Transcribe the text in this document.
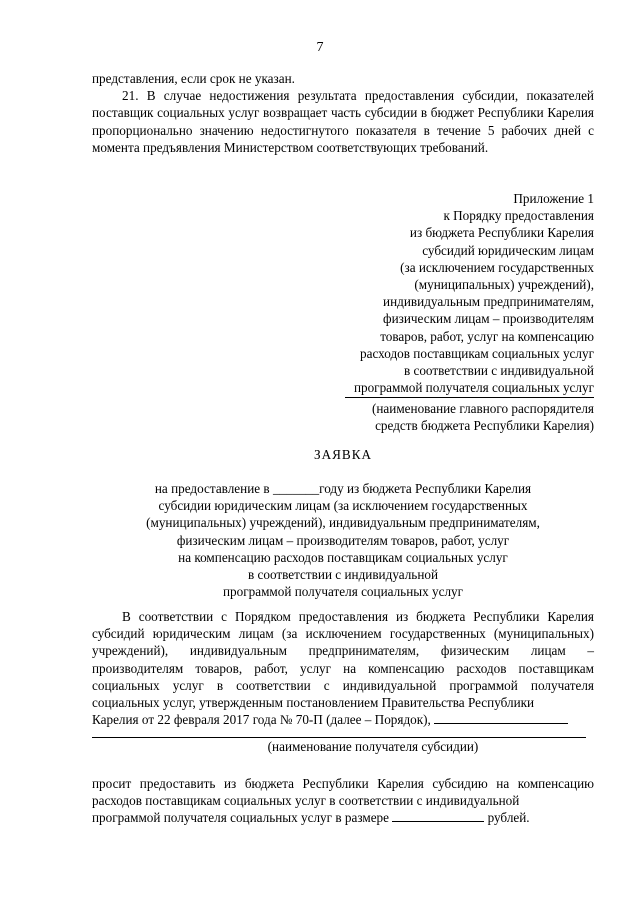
7

представления, если срок не указан.

21. В случае недостижения результата предоставления субсидии, показателей поставщик социальных услуг возвращает часть субсидии в бюджет Республики Карелия пропорционально значению недостигнутого показателя в течение 5 рабочих дней с момента предъявления Министерством соответствующих требований.

Приложение 1
к Порядку предоставления
из бюджета Республики Карелия
субсидий юридическим лицам
(за исключением государственных
(муниципальных) учреждений),
индивидуальным предпринимателям,
физическим лицам – производителям
товаров, работ, услуг на компенсацию
расходов поставщикам социальных услуг
в соответствии с индивидуальной
программой получателя социальных услуг
(наименование главного распорядителя
средств бюджета Республики Карелия)
ЗАЯВКА
на предоставление в _______году из бюджета Республики Карелия
субсидии юридическим лицам (за исключением государственных
(муниципальных) учреждений), индивидуальным предпринимателям,
физическим лицам – производителям товаров, работ, услуг
на компенсацию расходов поставщикам социальных услуг
в соответствии с индивидуальной
программой получателя социальных услуг

В соответствии с Порядком предоставления из бюджета Республики Карелия субсидий юридическим лицам (за исключением государственных (муниципальных) учреждений), индивидуальным предпринимателям, физическим лицам – производителям товаров, работ, услуг на компенсацию расходов поставщикам социальных услуг в соответствии с индивидуальной программой получателя социальных услуг, утвержденным постановлением Правительства Республики

Карелия от 22 февраля 2017 года № 70-П (далее – Порядок),

(наименование получателя субсидии)

просит предоставить из бюджета Республики Карелия субсидию на компенсацию расходов поставщикам социальных услуг в соответствии с индивидуальной

программой получателя социальных услуг в размере	рублей.
